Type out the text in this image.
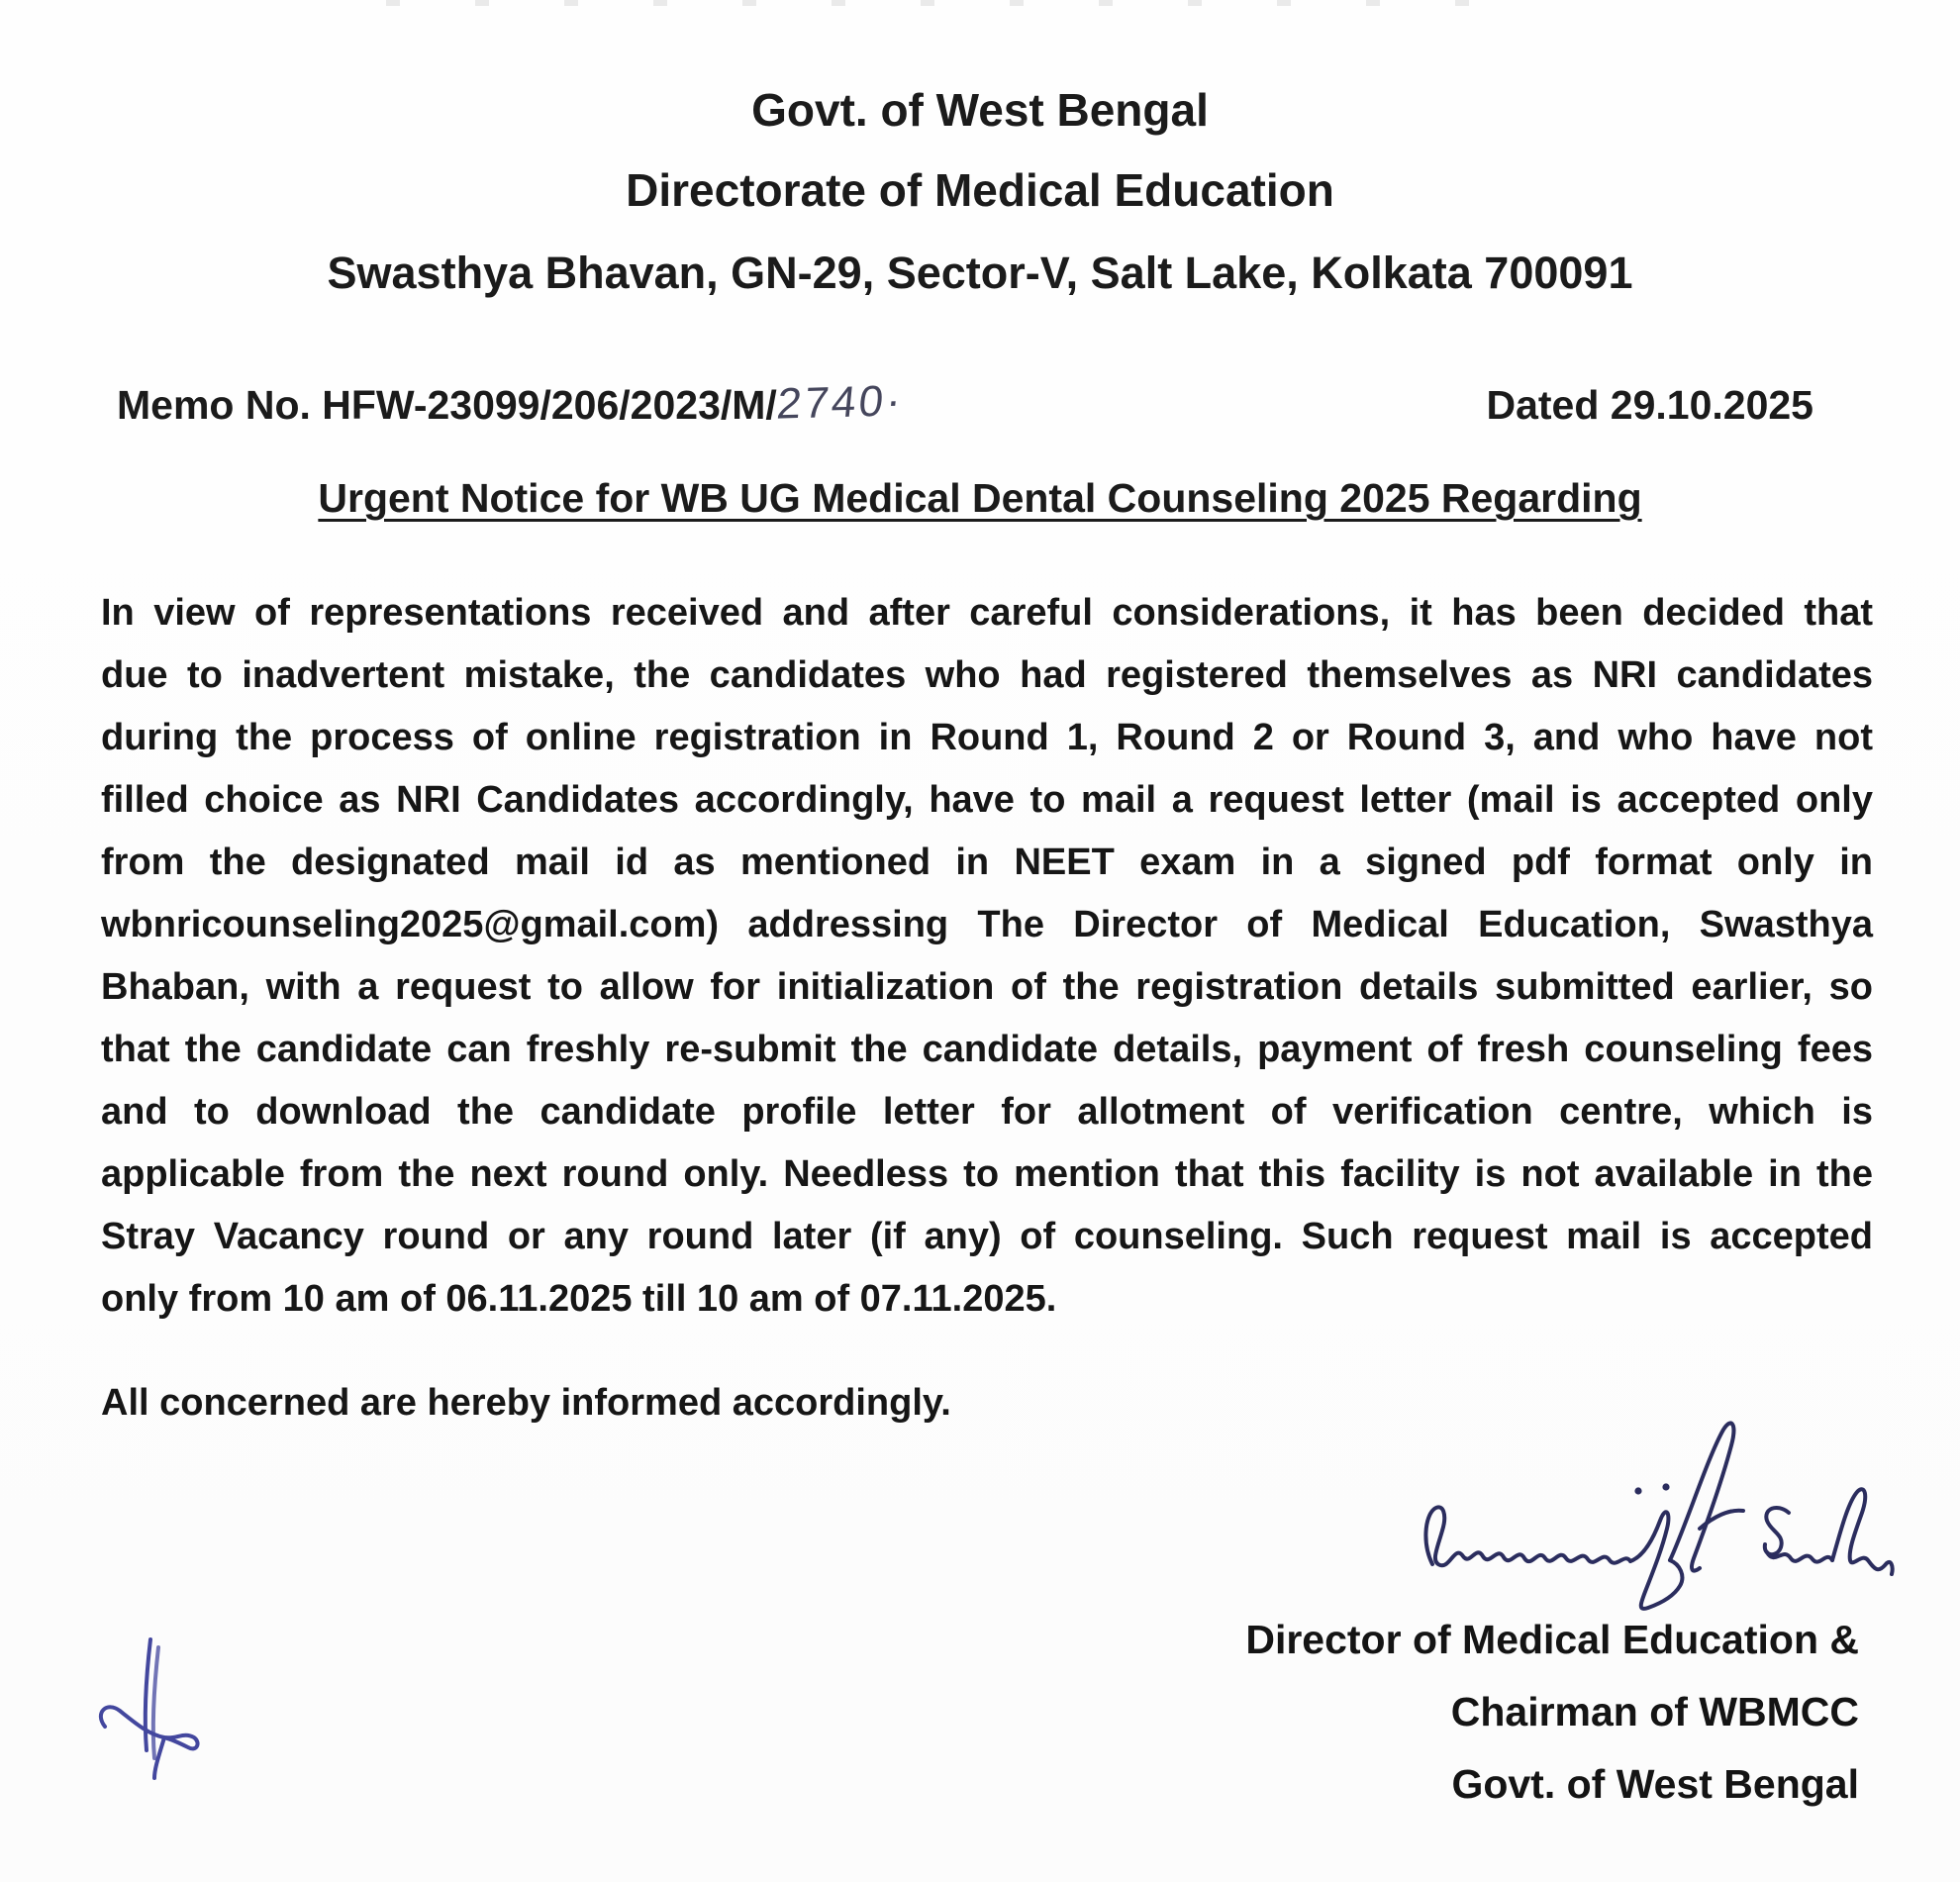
Govt. of West Bengal
Directorate of Medical Education
Swasthya Bhavan, GN-29, Sector-V, Salt Lake, Kolkata 700091
Memo No. HFW-23099/206/2023/M/2740·	Dated 29.10.2025
Urgent Notice for WB UG Medical Dental Counseling 2025 Regarding
In view of representations received and after careful considerations, it has been decided that
due to inadvertent mistake, the candidates who had registered themselves as NRI candidates
during the process of online registration in Round 1, Round 2 or Round 3, and who have not
filled choice as NRI Candidates accordingly, have to mail a request letter (mail is accepted only
from the designated mail id as mentioned in NEET exam in a signed pdf format only in
wbnricounseling2025@gmail.com) addressing The Director of Medical Education, Swasthya
Bhaban, with a request to allow for initialization of the registration details submitted earlier, so
that the candidate can freshly re-submit the candidate details, payment of fresh counseling fees
and to download the candidate profile letter for allotment of verification centre, which is
applicable from the next round only. Needless to mention that this facility is not available in the
Stray Vacancy round or any round later (if any) of counseling. Such request mail is accepted
only from 10 am of 06.11.2025 till 10 am of 07.11.2025.
All concerned are hereby informed accordingly.
Director of Medical Education &
Chairman of WBMCC
Govt. of West Bengal
